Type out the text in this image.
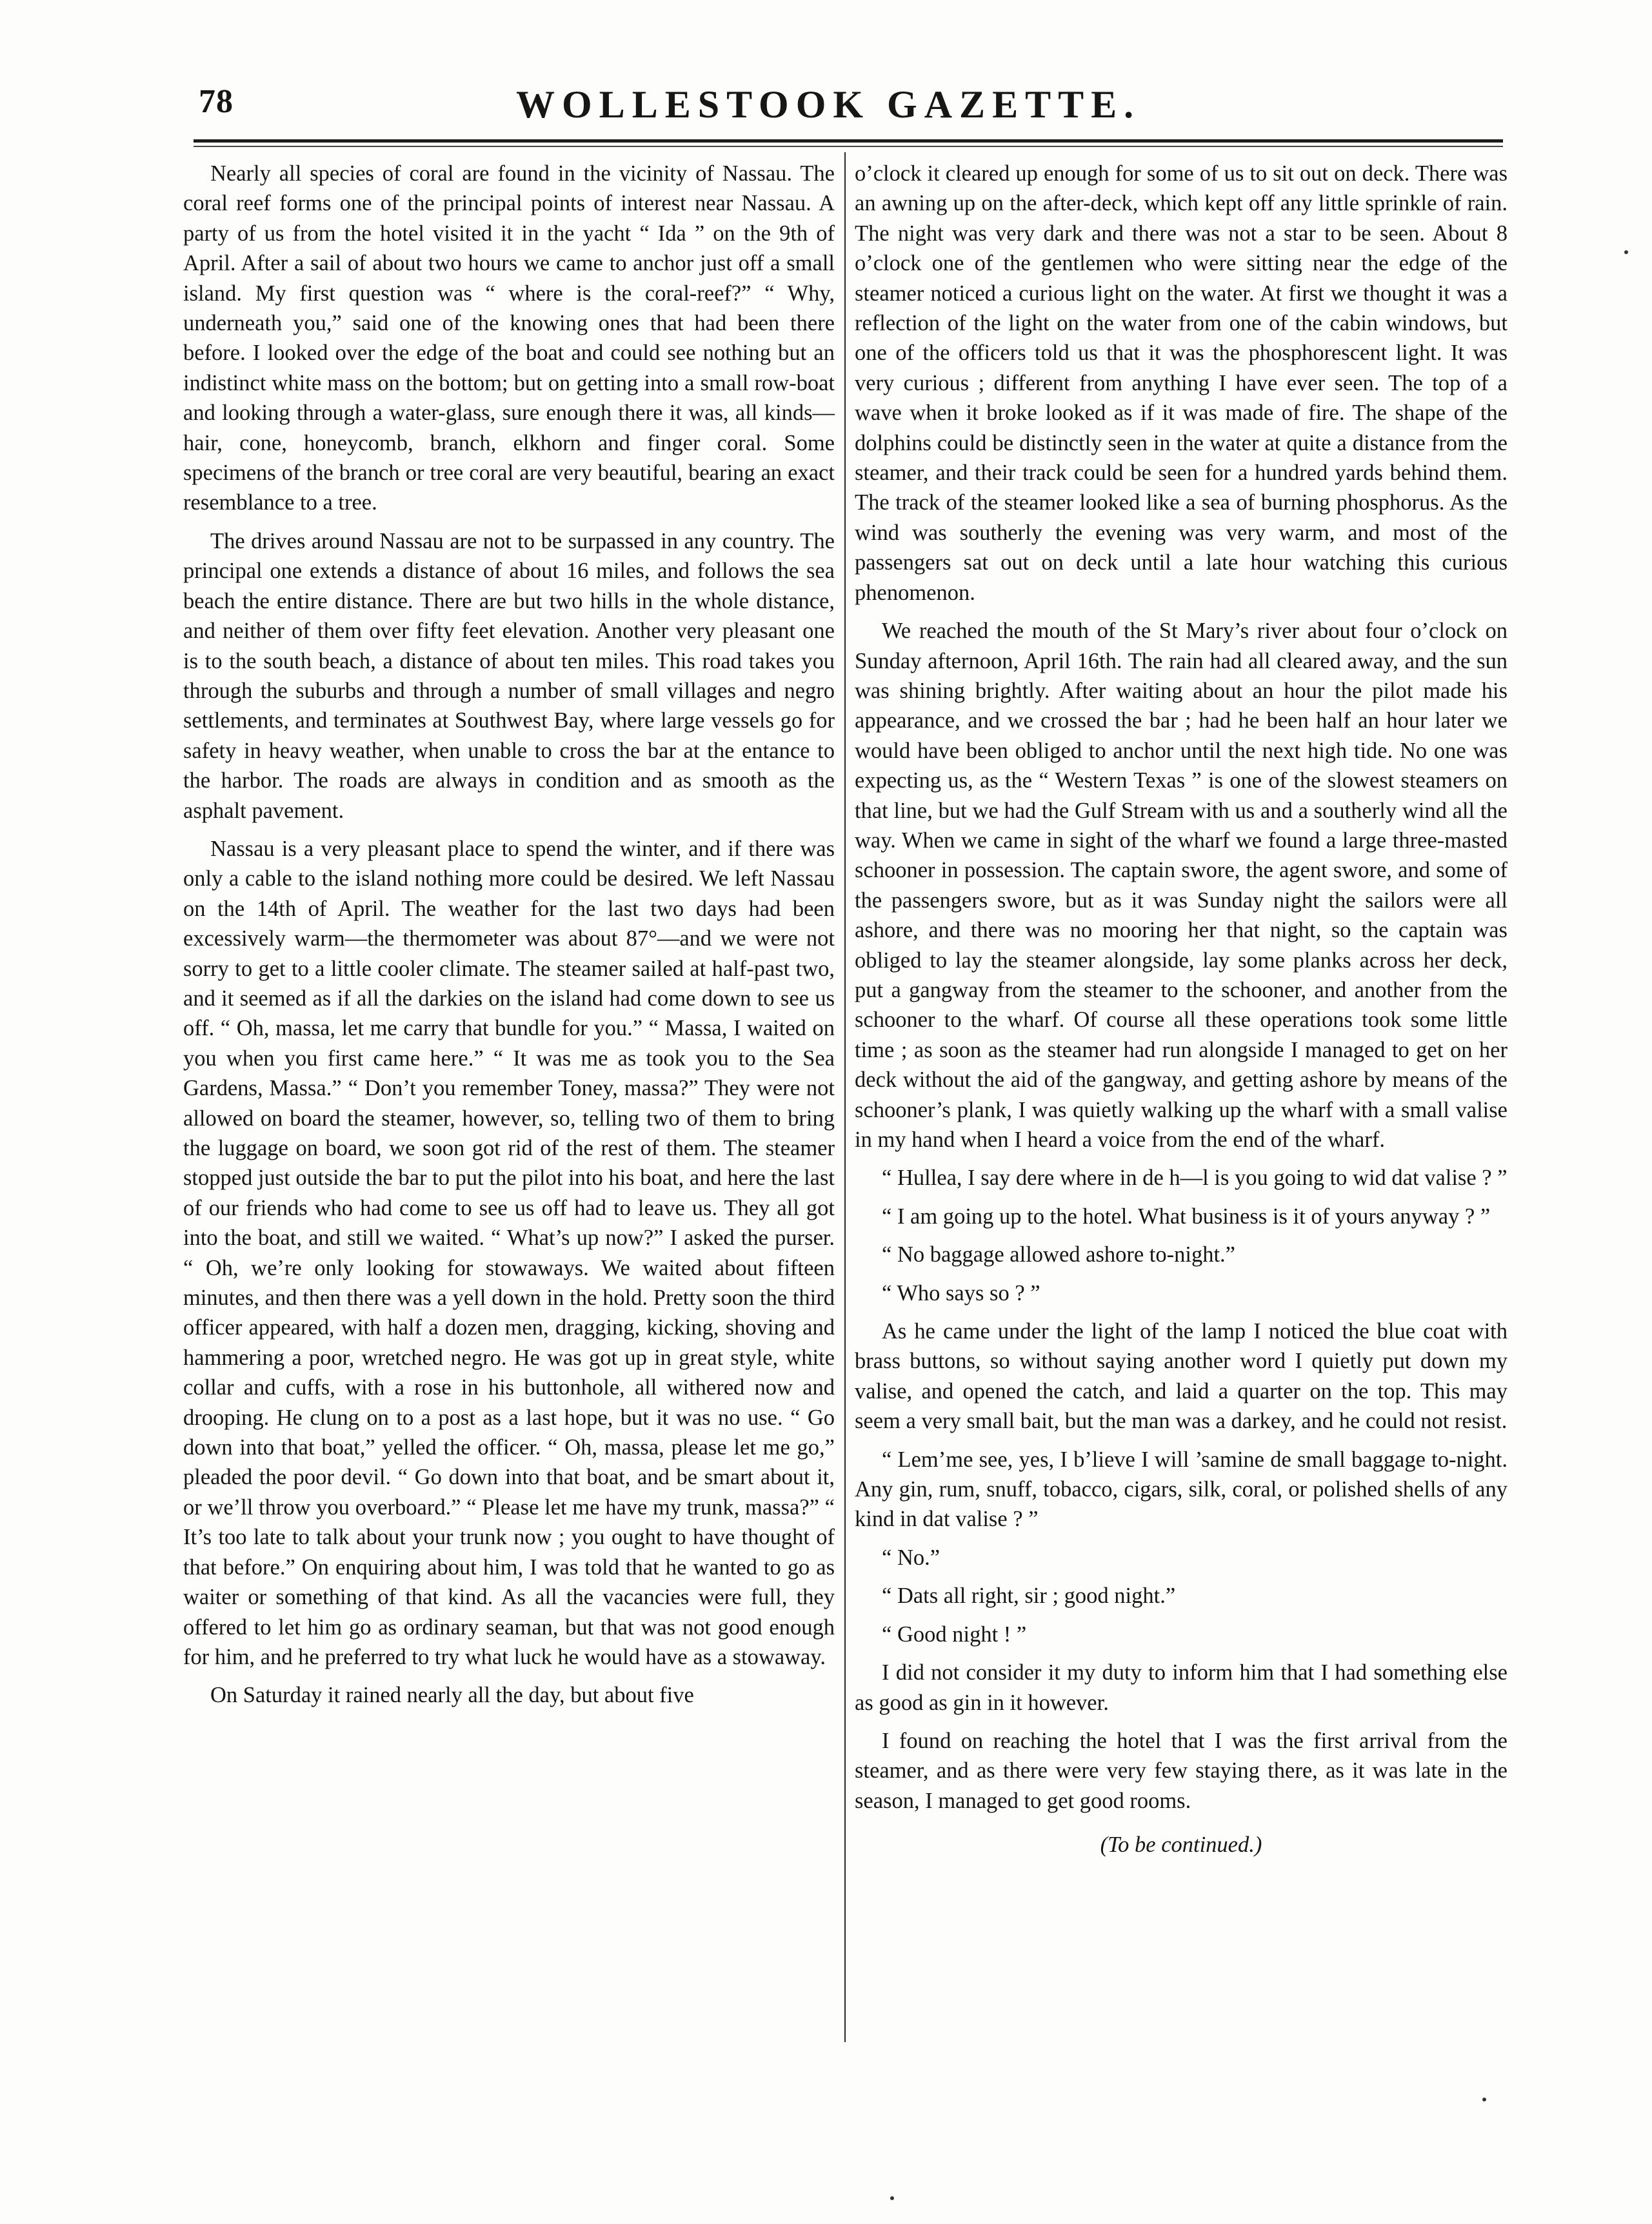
78	WOLLESTOOK GAZETTE.

Nearly all species of coral are found in the vicinity of Nassau. The coral reef forms one of the principal points of interest near Nassau. A party of us from the hotel visited it in the yacht “ Ida ” on the 9th of April. After a sail of about two hours we came to anchor just off a small island. My first question was “ where is the coral-reef?” “ Why, underneath you,” said one of the knowing ones that had been there before. I looked over the edge of the boat and could see nothing but an indistinct white mass on the bottom; but on getting into a small row-boat and looking through a water-glass, sure enough there it was, all kinds—hair, cone, honeycomb, branch, elkhorn and finger coral. Some specimens of the branch or tree coral are very beautiful, bearing an exact resemblance to a tree.

The drives around Nassau are not to be surpassed in any country. The principal one extends a distance of about 16 miles, and follows the sea beach the entire distance. There are but two hills in the whole distance, and neither of them over fifty feet elevation. Another very pleasant one is to the south beach, a distance of about ten miles. This road takes you through the suburbs and through a number of small villages and negro settlements, and terminates at Southwest Bay, where large vessels go for safety in heavy weather, when unable to cross the bar at the entance to the harbor. The roads are always in condition and as smooth as the asphalt pavement.

Nassau is a very pleasant place to spend the winter, and if there was only a cable to the island nothing more could be desired. We left Nassau on the 14th of April. The weather for the last two days had been excessively warm—the thermometer was about 87°—and we were not sorry to get to a little cooler climate. The steamer sailed at half-past two, and it seemed as if all the darkies on the island had come down to see us off. “ Oh, massa, let me carry that bundle for you.” “ Massa, I waited on you when you first came here.” “ It was me as took you to the Sea Gardens, Massa.” “ Don’t you remember Toney, massa?” They were not allowed on board the steamer, however, so, telling two of them to bring the luggage on board, we soon got rid of the rest of them. The steamer stopped just outside the bar to put the pilot into his boat, and here the last of our friends who had come to see us off had to leave us. They all got into the boat, and still we waited. “ What’s up now?” I asked the purser. “ Oh, we’re only looking for stowaways. We waited about fifteen minutes, and then there was a yell down in the hold. Pretty soon the third officer appeared, with half a dozen men, dragging, kicking, shoving and hammering a poor, wretched negro. He was got up in great style, white collar and cuffs, with a rose in his buttonhole, all withered now and drooping. He clung on to a post as a last hope, but it was no use. “ Go down into that boat,” yelled the officer. “ Oh, massa, please let me go,” pleaded the poor devil. “ Go down into that boat, and be smart about it, or we’ll throw you overboard.” “ Please let me have my trunk, massa?” “ It’s too late to talk about your trunk now ; you ought to have thought of that before.” On enquiring about him, I was told that he wanted to go as waiter or something of that kind. As all the vacancies were full, they offered to let him go as ordinary seaman, but that was not good enough for him, and he preferred to try what luck he would have as a stowaway.

On Saturday it rained nearly all the day, but about five

o’clock it cleared up enough for some of us to sit out on deck. There was an awning up on the after-deck, which kept off any little sprinkle of rain. The night was very dark and there was not a star to be seen. About 8 o’clock one of the gentlemen who were sitting near the edge of the steamer noticed a curious light on the water. At first we thought it was a reflection of the light on the water from one of the cabin windows, but one of the officers told us that it was the phosphorescent light. It was very curious ; different from anything I have ever seen. The top of a wave when it broke looked as if it was made of fire. The shape of the dolphins could be distinctly seen in the water at quite a distance from the steamer, and their track could be seen for a hundred yards behind them. The track of the steamer looked like a sea of burning phosphorus. As the wind was southerly the evening was very warm, and most of the passengers sat out on deck until a late hour watching this curious phenomenon.

We reached the mouth of the St Mary’s river about four o’clock on Sunday afternoon, April 16th. The rain had all cleared away, and the sun was shining brightly. After waiting about an hour the pilot made his appearance, and we crossed the bar ; had he been half an hour later we would have been obliged to anchor until the next high tide. No one was expecting us, as the “ Western Texas ” is one of the slowest steamers on that line, but we had the Gulf Stream with us and a southerly wind all the way. When we came in sight of the wharf we found a large three-masted schooner in possession. The captain swore, the agent swore, and some of the passengers swore, but as it was Sunday night the sailors were all ashore, and there was no mooring her that night, so the captain was obliged to lay the steamer alongside, lay some planks across her deck, put a gangway from the steamer to the schooner, and another from the schooner to the wharf. Of course all these operations took some little time ; as soon as the steamer had run alongside I managed to get on her deck without the aid of the gangway, and getting ashore by means of the schooner’s plank, I was quietly walking up the wharf with a small valise in my hand when I heard a voice from the end of the wharf.

“ Hullea, I say dere where in de h—l is you going to wid dat valise ? ”

“ I am going up to the hotel. What business is it of yours anyway ? ”

“ No baggage allowed ashore to-night.”

“ Who says so ? ”

As he came under the light of the lamp I noticed the blue coat with brass buttons, so without saying another word I quietly put down my valise, and opened the catch, and laid a quarter on the top. This may seem a very small bait, but the man was a darkey, and he could not resist.

“ Lem’me see, yes, I b’lieve I will ’samine de small baggage to-night. Any gin, rum, snuff, tobacco, cigars, silk, coral, or polished shells of any kind in dat valise ? ”

“ No.”

“ Dats all right, sir ; good night.”

“ Good night ! ”

I did not consider it my duty to inform him that I had something else as good as gin in it however.

I found on reaching the hotel that I was the first arrival from the steamer, and as there were very few staying there, as it was late in the season, I managed to get good rooms.

(To be continued.)
